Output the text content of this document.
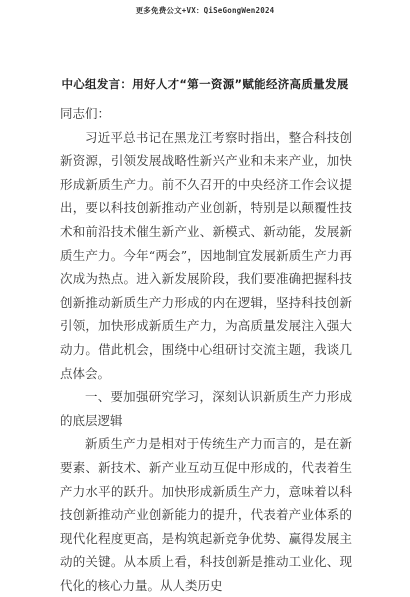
更多免费公文+VX：QiSeGongWen2024
中心组发言：用好人才“第一资源”赋能经济高质量发展

同志们：

习近平总书记在黑龙江考察时指出，整合科技创新资源，引领发展战略性新兴产业和未来产业，加快形成新质生产力。前不久召开的中央经济工作会议提出，要以科技创新推动产业创新，特别是以颠覆性技术和前沿技术催生新产业、新模式、新动能，发展新质生产力。今年“两会”，因地制宜发展新质生产力再次成为热点。进入新发展阶段，我们要准确把握科技创新推动新质生产力形成的内在逻辑，坚持科技创新引领，加快形成新质生产力，为高质量发展注入强大动力。借此机会，围绕中心组研讨交流主题，我谈几点体会。

一、要加强研究学习，深刻认识新质生产力形成的底层逻辑

新质生产力是相对于传统生产力而言的，是在新要素、新技术、新产业互动互促中形成的，代表着生产力水平的跃升。加快形成新质生产力，意味着以科技创新推动产业创新能力的提升，代表着产业体系的现代化程度更高，是构筑起新竞争优势、赢得发展主动的关键。从本质上看，科技创新是推动工业化、现代化的核心力量。从人类历史
